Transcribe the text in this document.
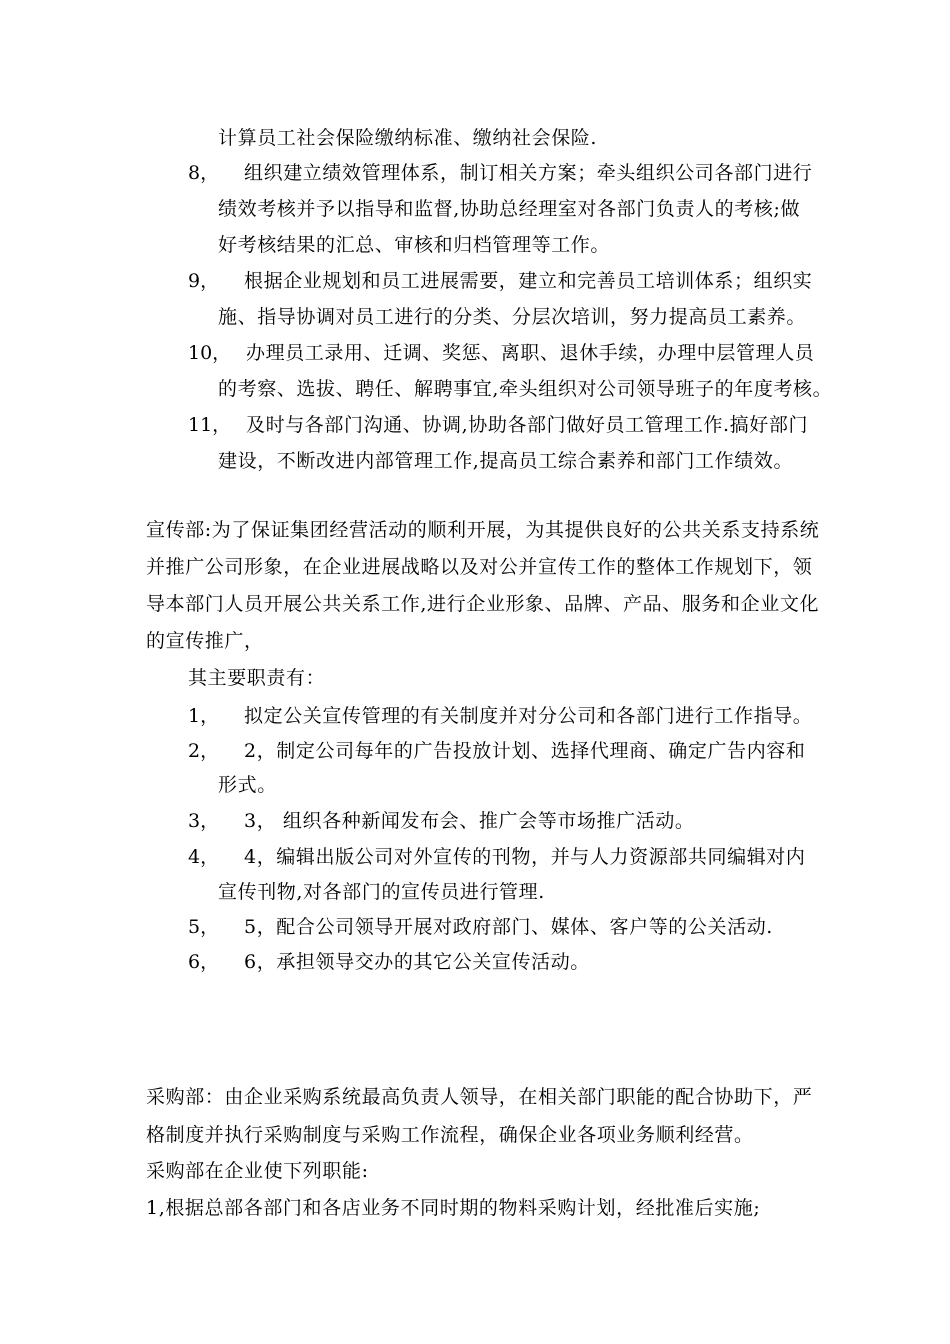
计算员工社会保险缴纳标准、缴纳社会保险.
8， 组织建立绩效管理体系，制订相关方案；牵头组织公司各部门进行
绩效考核并予以指导和监督,协助总经理室对各部门负责人的考核;做
好考核结果的汇总、审核和归档管理等工作。
9， 根据企业规划和员工进展需要，建立和完善员工培训体系；组织实
施、指导协调对员工进行的分类、分层次培训，努力提高员工素养。
10， 办理员工录用、迁调、奖惩、离职、退休手续，办理中层管理人员
的考察、选拔、聘任、解聘事宜,牵头组织对公司领导班子的年度考核。
11， 及时与各部门沟通、协调,协助各部门做好员工管理工作.搞好部门
建设，不断改进内部管理工作,提高员工综合素养和部门工作绩效。
宣传部:为了保证集团经营活动的顺利开展，为其提供良好的公共关系支持系统
并推广公司形象，在企业进展战略以及对公并宣传工作的整体工作规划下，领
导本部门人员开展公共关系工作,进行企业形象、品牌、产品、服务和企业文化
的宣传推广，
其主要职责有：
1， 拟定公关宣传管理的有关制度并对分公司和各部门进行工作指导。
2， 2，制定公司每年的广告投放计划、选择代理商、确定广告内容和
形式。
3， 3， 组织各种新闻发布会、推广会等市场推广活动。
4， 4，编辑出版公司对外宣传的刊物，并与人力资源部共同编辑对内
宣传刊物,对各部门的宣传员进行管理.
5， 5，配合公司领导开展对政府部门、媒体、客户等的公关活动.
6， 6，承担领导交办的其它公关宣传活动。
采购部：由企业采购系统最高负责人领导，在相关部门职能的配合协助下，严
格制度并执行采购制度与采购工作流程，确保企业各项业务顺利经营。
采购部在企业使下列职能:
1,根据总部各部门和各店业务不同时期的物料采购计划，经批准后实施;
